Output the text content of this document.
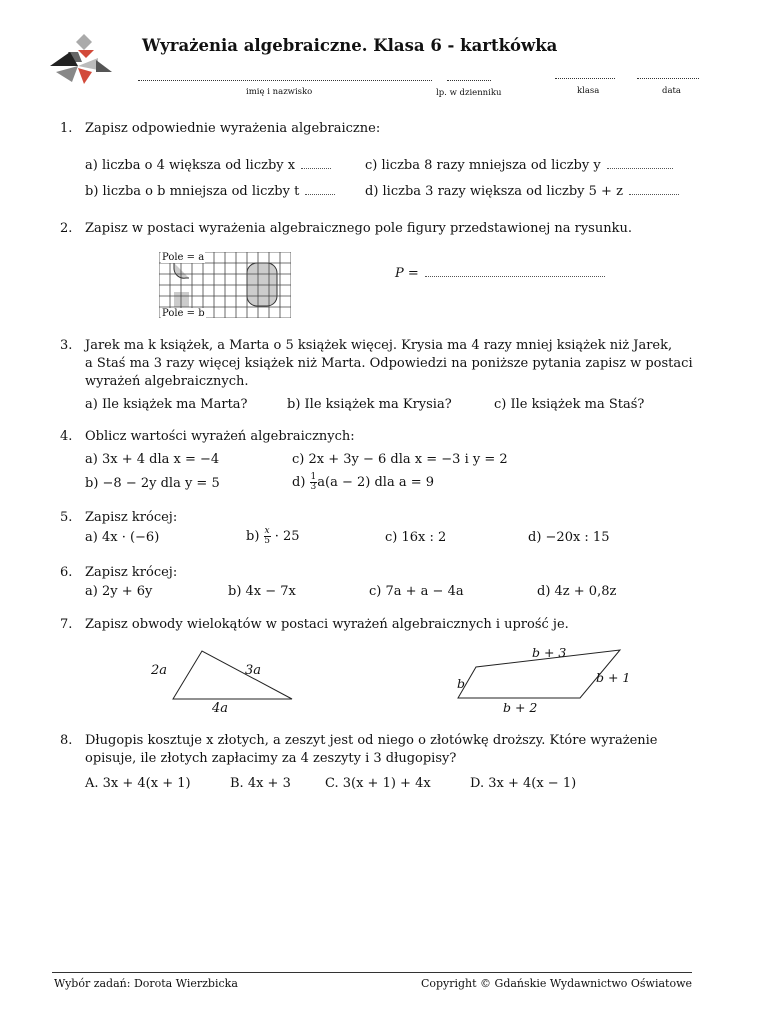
Wyrażenia algebraiczne. Klasa 6 - kartkówka
imię i nazwisko	lp. w dzienniku	klasa	data
1. Zapisz odpowiednie wyrażenia algebraiczne:
a) liczba o 4 większa od liczby x
b) liczba o b mniejsza od liczby t
c) liczba 8 razy mniejsza od liczby y
d) liczba 3 razy większa od liczby 5 + z
2. Zapisz w postaci wyrażenia algebraicznego pole figury przedstawionej na rysunku.
Pole = a
Pole = b
P =
3. Jarek ma k książek, a Marta o 5 książek więcej. Krysia ma 4 razy mniej książek niż Jarek,
a Staś ma 3 razy więcej książek niż Marta. Odpowiedzi na poniższe pytania zapisz w postaci
wyrażeń algebraicznych.
a) Ile książek ma Marta?	b) Ile książek ma Krysia?	c) Ile książek ma Staś?
4. Oblicz wartości wyrażeń algebraicznych:
a) 3x + 4 dla x = −4
b) −8 − 2y dla y = 5
c) 2x + 3y − 6 dla x = −3 i y = 2
$d) \frac{1}{3} a(a - 2)$ dla a = 9
5. Zapisz krócej:
a) 4x · (−6)	$b) \frac{x}{5} \cdot 25$	c) 16x : 2	d) −20x : 15
6. Zapisz krócej:
a) 2y + 6y	b) 4x − 7x	c) 7a + a − 4a	d) 4z + 0,8z
7. Zapisz obwody wielokątów w postaci wyrażeń algebraicznych i uprość je.
2a	3a
4a
b + 3
b	b + 1
b + 2
8. Długopis kosztuje x złotych, a zeszyt jest od niego o złotówkę droższy. Które wyrażenie
opisuje, ile złotych zapłacimy za 4 zeszyty i 3 długopisy?
A. 3x + 4(x + 1)	B. 4x + 3	C. 3(x + 1) + 4x	D. 3x + 4(x − 1)
Wybór zadań: Dorota Wierzbicka	Copyright © Gdańskie Wydawnictwo Oświatowe
